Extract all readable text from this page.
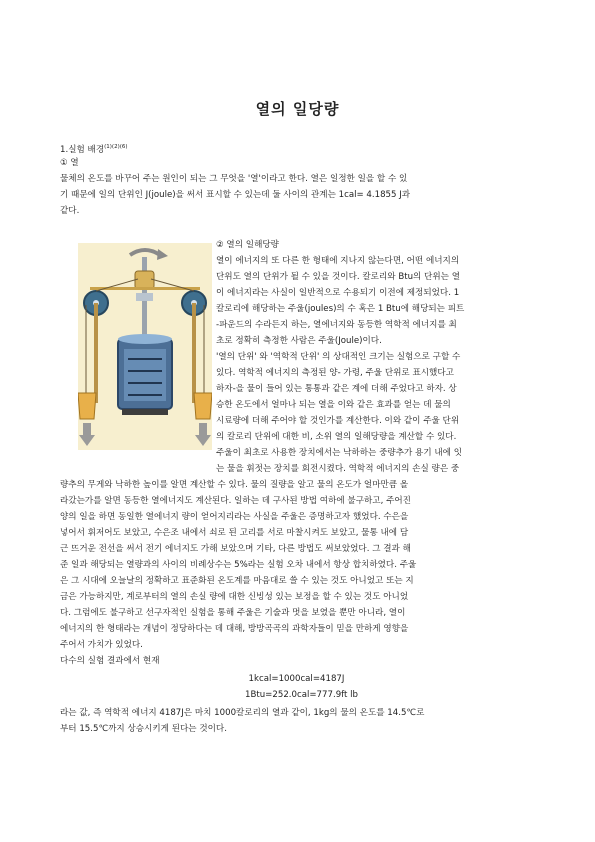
열의 일당량
1.실험 배경$^{(1)(2)(6)}$
① 열
물체의 온도를 바꾸어 주는 원인이 되는 그 무엇을 '열'이라고 한다. 열은 일정한 일을 할 수 있
기 때문에 일의 단위인 J(joule)을 써서 표시할 수 있는데 둘 사이의 관계는 1cal= 4.1855 J과
같다.
② 열의 일해당량
열이 에너지의 또 다른 한 형태에 지나지 않는다면, 어떤 에너지의
단위도 열의 단위가 될 수 있을 것이다. 칼로리와 Btu의 단위는 열
이 에너지라는 사실이 일반적으로 수용되기 이전에 제정되었다. 1
칼로리에 해당하는 주울(joules)의 수 혹은 1 Btu에 해당되는 피트
-파운드의 수라든지 하는, 열에너지와 동등한 역학적 에너지를 최
초로 정확히 측정한 사람은 주울(Joule)이다.
'열의 단위' 와 '역학적 단위' 의 상대적인 크기는 실험으로 구할 수
있다. 역학적 에너지의 측정된 양- 가령, 주울 단위로 표시했다고
하자-을 물이 들어 있는 통통과 같은 계에 더해 주었다고 하자. 상
승한 온도에서 얼마나 되는 열을 이와 같은 효과를 얻는 데 물의
시료량에 더해 주어야 할 것인가를 계산한다. 이와 같이 주울 단위
의 칼로리 단위에 대한 비, 소위 열의 일해당량을 계산할 수 있다.
주울이 최초로 사용한 장치에서는 낙하하는 중량추가 용기 내에 잇
는 물을 휘젓는 장치를 회전시켰다. 역학적 에너지의 손실 량은 중
량추의 무게와 낙하한 높이를 알면 계산할 수 있다. 물의 질량을 알고 물의 온도가 얼마만큼 올
라갔는가를 알면 동등한 열에너지도 계산된다. 일하는 데 구사된 방법 여하에 불구하고, 주어진
양의 일을 하면 동일한 열에너지 량이 얻어지리라는 사실을 주울은 증명하고자 했었다. 수은을
넣어서 휘저어도 보았고, 수은조 내에서 쇠로 된 고리를 서로 마찰시켜도 보았고, 물통 내에 담
근 뜨거운 전선을 써서 전기 에너지도 가해 보았으며 기타, 다른 방법도 써보았었다. 그 결과 해
준 일과 해당되는 열량과의 사이의 비례상수는 5%라는 실험 오차 내에서 항상 합치하였다. 주울
은 그 시대에 오늘날의 정확하고 표준화된 온도계를 마음대로 쓸 수 있는 것도 아니었고 또는 지
금은 가능하지만, 계로부터의 열의 손실 량에 대한 신빙성 있는 보정을 할 수 있는 것도 아니었
다. 그럼에도 불구하고 선구자적인 실험을 통해 주울은 기술과 멋을 보였을 뿐만 아니라, 열이
에너지의 한 형태라는 개념이 정당하다는 데 대해, 방방곡곡의 과학자들이 믿을 만하게 영향을
주어서 가치가 있었다.
다수의 실험 결과에서 현재
1kcal=1000cal=4187J
1Btu=252.0cal=777.9ft lb
라는 값, 즉 역학적 에너지 4187J은 마치 1000칼로리의 열과 같이, 1kg의 물의 온도를 14.5℃로
부터 15.5℃까지 상승시키게 된다는 것이다.
